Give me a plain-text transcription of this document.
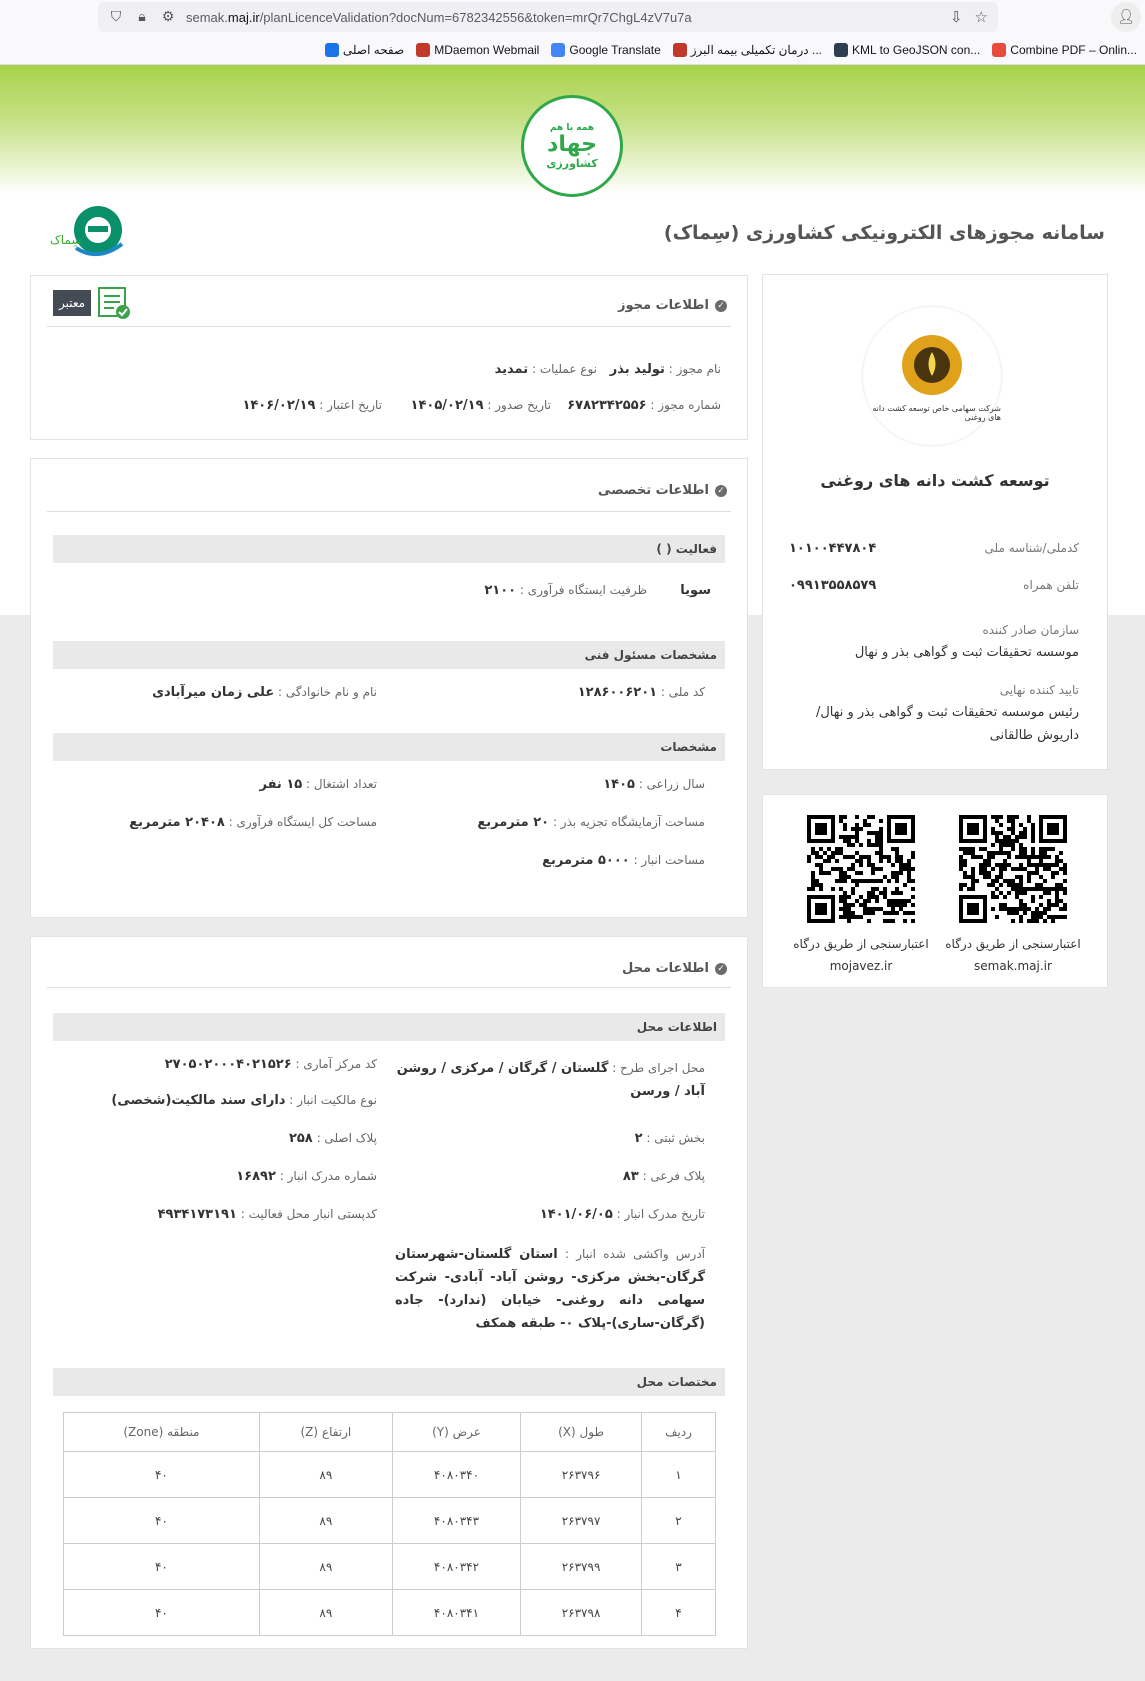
⛉	🔒︎	⚙ semak.maj.ir/planLicenceValidation?docNum=6782342556&token=mrQr7ChgL4zV7u7a	⇩ ☆	👤︎
صفحه اصلی	MDaemon Webmail	Google Translate	درمان تکمیلی بیمه البرز ...	KML to GeoJSON con...	Combine PDF – Onlin...
همه با هم
جهاد
کشاورزی
سامانه مجوزهای الکترونیکی کشاورزی (سِماک)
سِماک
✓
اطلاعات مجوز
معتبر
نام مجوز : تولید بذر
نوع عملیات : تمدید
شماره مجوز : ۶۷۸۲۳۴۲۵۵۶
تاریخ صدور : ۱۴۰۵/۰۲/۱۹
تاریخ اعتبار : ۱۴۰۶/۰۲/۱۹
✓
اطلاعات تخصصی
فعالیت ( )
سویا
ظرفیت ایستگاه فرآوری : ۲۱۰۰
مشخصات مسئول فنی
کد ملی : ۱۲۸۶۰۰۶۲۰۱
نام و نام خانوادگی : علی زمان میرآبادی
مشخصات
سال زراعی : ۱۴۰۵
تعداد اشتغال : ۱۵ نفر
مساحت آزمایشگاه تجزیه بذر : ۲۰ مترمربع
مساحت کل ایستگاه فرآوری : ۲۰۴۰۸ مترمربع
مساحت انبار : ۵۰۰۰ مترمربع
✓
اطلاعات محل
اطلاعات محل
محل اجرای طرح : گلستان / گرگان / مرکزی / روشن آباد / ورسن
کد مرکز آماری : ۲۷۰۵۰۲۰۰۰۴۰۲۱۵۲۶
نوع مالکیت انبار : دارای سند مالکیت(شخصی)
بخش ثبتی : ۲
پلاک اصلی : ۲۵۸
پلاک فرعی : ۸۳
شماره مدرک انبار : ۱۶۸۹۲
تاریخ مدرک انبار : ۱۴۰۱/۰۶/۰۵
کدپستی انبار محل فعالیت : ۴۹۳۴۱۷۳۱۹۱
آدرس واکشی شده انبار : استان گلستان-شهرستان گرگان-بخش مرکزی- روشن آباد- آبادی- شرکت سهامی دانه روغنی- خیابان (ندارد)- جاده (گرگان-ساری)-پلاک ۰- طبقه همکف
مختصات محل
ردیف	طول (X)	عرض (Y)	ارتفاع (Z)	منطقه (Zone)
۱	۲۶۳۷۹۶	۴۰۸۰۳۴۰	۸۹	۴۰
۲	۲۶۳۷۹۷	۴۰۸۰۳۴۳	۸۹	۴۰
۳	۲۶۳۷۹۹	۴۰۸۰۳۴۲	۸۹	۴۰
۴	۲۶۳۷۹۸	۴۰۸۰۳۴۱	۸۹	۴۰
شرکت سهامی خاص توسعه کشت دانه های روغنی
توسعه کشت دانه های روغنی
کدملی/شناسه ملی
۱۰۱۰۰۴۴۷۸۰۴
تلفن همراه
۰۹۹۱۳۵۵۸۵۷۹
سازمان صادر کننده
موسسه تحقیقات ثبت و گواهی بذر و نهال
تایید کننده نهایی
رئیس موسسه تحقیقات ثبت و گواهی بذر و نهال/ داریوش طالقانی
اعتبارسنجی از طریق درگاه
mojavez.ir
اعتبارسنجی از طریق درگاه
semak.maj.ir
